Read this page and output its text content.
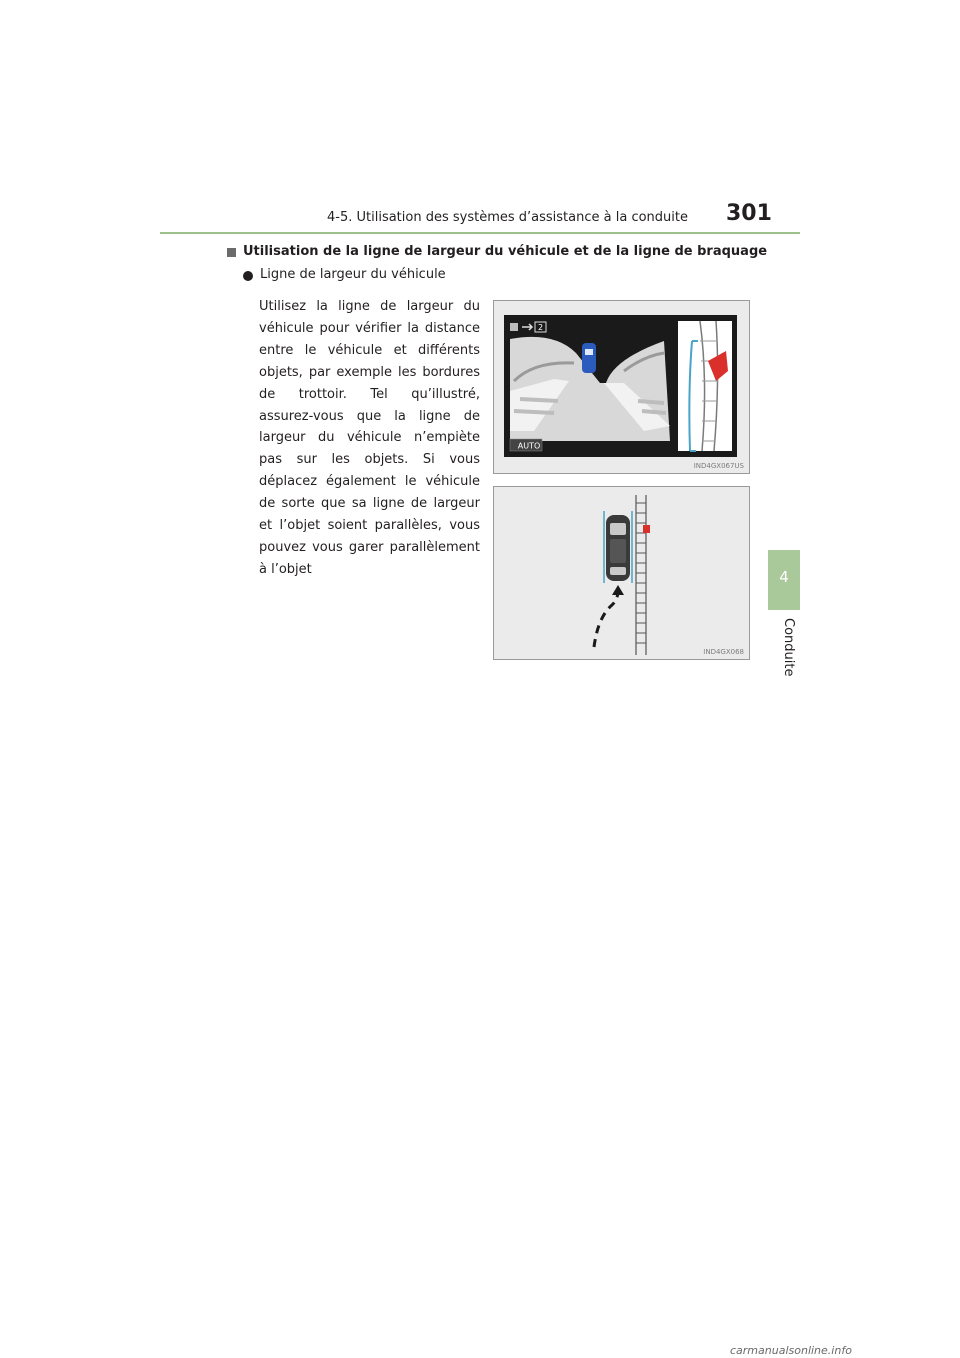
4-5. Utilisation des systèmes d’assistance à la conduite 301
4
Conduite
Utilisation de la ligne de largeur du véhicule et de la ligne de braquage
Ligne de largeur du véhicule
Utilisez la ligne de largeur du véhicule pour vérifier la distance entre le véhicule et différents objets, par exemple les bordures de trottoir. Tel qu’illustré, assurez-vous que la ligne de largeur du véhicule n’empiète pas sur les objets. Si vous déplacez également le véhicule de sorte que sa ligne de largeur et l’objet soient parallèles, vous pouvez vous garer parallèlement à l’objet
2
AUTO
IND4GX067US
IND4GX068
carmanualsonline.info
